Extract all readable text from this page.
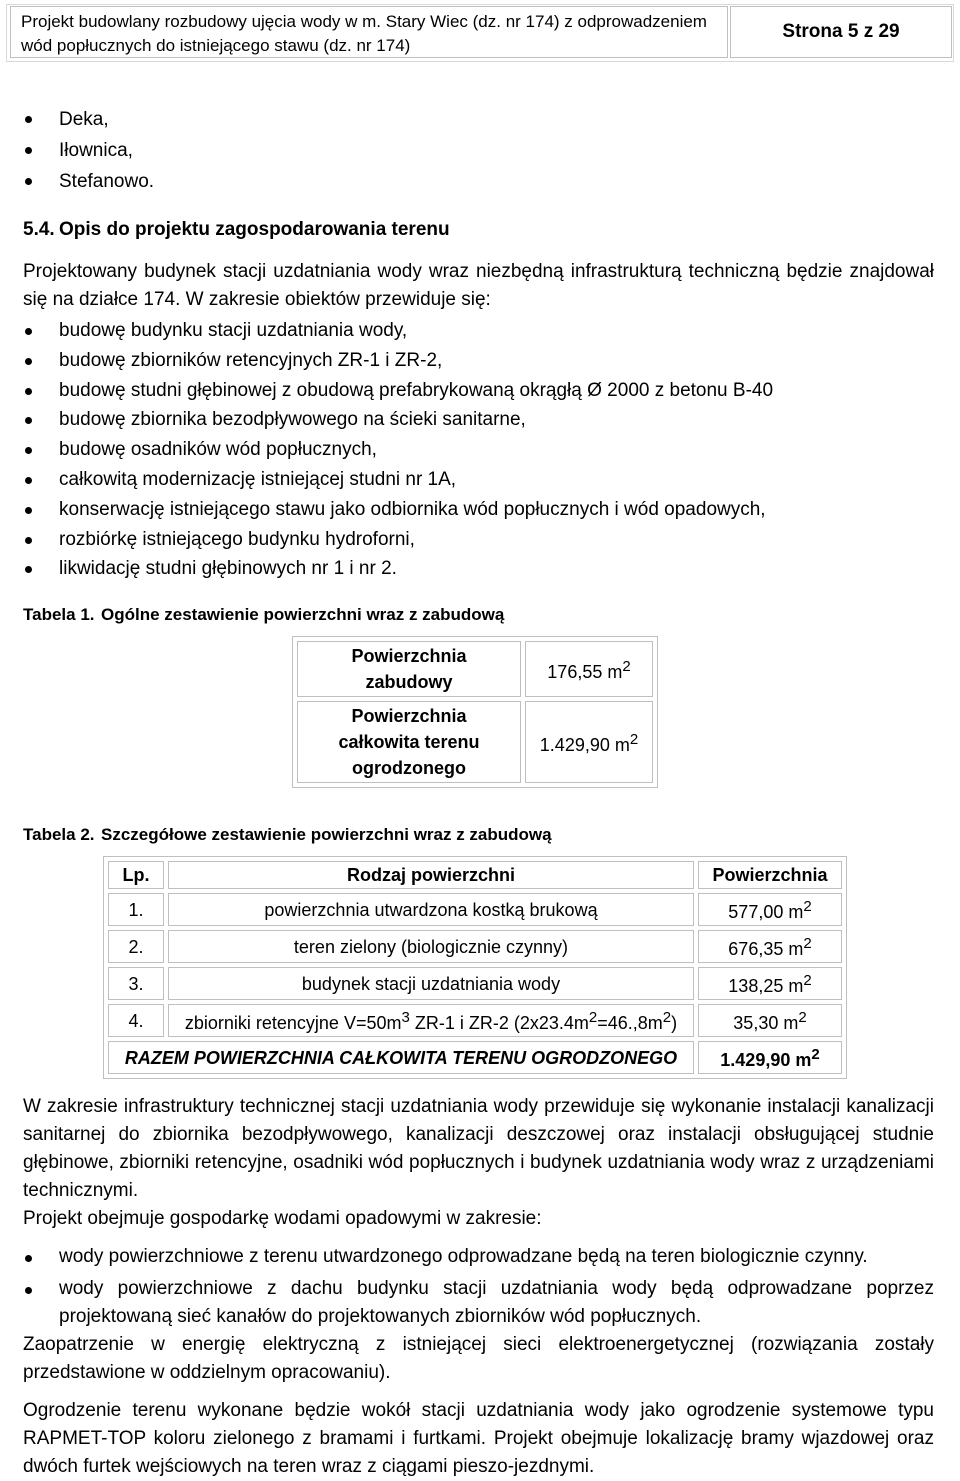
Projekt budowlany rozbudowy ujęcia wody w m. Stary Wiec (dz. nr 174) z odprowadzeniem
wód popłucznych do istniejącego stawu (dz. nr 174)
Strona 5 z 29
Deka,
Iłownica,
Stefanowo.
5.4. Opis do projektu zagospodarowania terenu

Projektowany budynek stacji uzdatniania wody wraz niezbędną infrastrukturą techniczną będzie znajdował się na działce 174. W zakresie obiektów przewiduje się:

budowę budynku stacji uzdatniania wody,
budowę zbiorników retencyjnych ZR-1 i ZR-2,
budowę studni głębinowej z obudową prefabrykowaną okrągłą Ø 2000 z betonu B-40
budowę zbiornika bezodpływowego na ścieki sanitarne,
budowę osadników wód popłucznych,
całkowitą modernizację istniejącej studni nr 1A,
konserwację istniejącego stawu jako odbiornika wód popłucznych i wód opadowych,
rozbiórkę istniejącego budynku hydroforni,
likwidację studni głębinowych nr 1 i nr 2.
Tabela 1. Ogólne zestawienie powierzchni wraz z zabudową
Powierzchnia
zabudowy	176,55 $m^2$

Powierzchnia
całkowita terenu
ogrodzonego	1.429,90 $m^2$
Tabela 2. Szczegółowe zestawienie powierzchni wraz z zabudową
Lp.	Rodzaj powierzchni	Powierzchnia
1.	powierzchnia utwardzona kostką brukową	577,00 $m^2$
2.	teren zielony (biologicznie czynny)	676,35 $m^2$
3.	budynek stacji uzdatniania wody	138,25 $m^2$
4.	zbiorniki retencyjne $V=50m^3$ ZR-1 i ZR-2 $(2x23.4m^2=46.,8m^2)$	35,30 $m^2$
RAZEM POWIERZCHNIA CAŁKOWITA TERENU OGRODZONEGO		1.429,90 $m^2$

W zakresie infrastruktury technicznej stacji uzdatniania wody przewiduje się wykonanie instalacji kanalizacji sanitarnej do zbiornika bezodpływowego, kanalizacji deszczowej oraz instalacji obsługującej studnie głębinowe, zbiorniki retencyjne, osadniki wód popłucznych i budynek uzdatniania wody wraz z urządzeniami technicznymi.

Projekt obejmuje gospodarkę wodami opadowymi w zakresie:

wody powierzchniowe z terenu utwardzonego odprowadzane będą na teren biologicznie czynny.
wody powierzchniowe z dachu budynku stacji uzdatniania wody będą odprowadzane poprzez projektowaną sieć kanałów do projektowanych zbiorników wód popłucznych.

Zaopatrzenie w energię elektryczną z istniejącej sieci elektroenergetycznej (rozwiązania zostały przedstawione w oddzielnym opracowaniu).

Ogrodzenie terenu wykonane będzie wokół stacji uzdatniania wody jako ogrodzenie systemowe typu RAPMET-TOP koloru zielonego z bramami i furtkami. Projekt obejmuje lokalizację bramy wjazdowej oraz dwóch furtek wejściowych na teren wraz z ciągami pieszo-jezdnymi.
